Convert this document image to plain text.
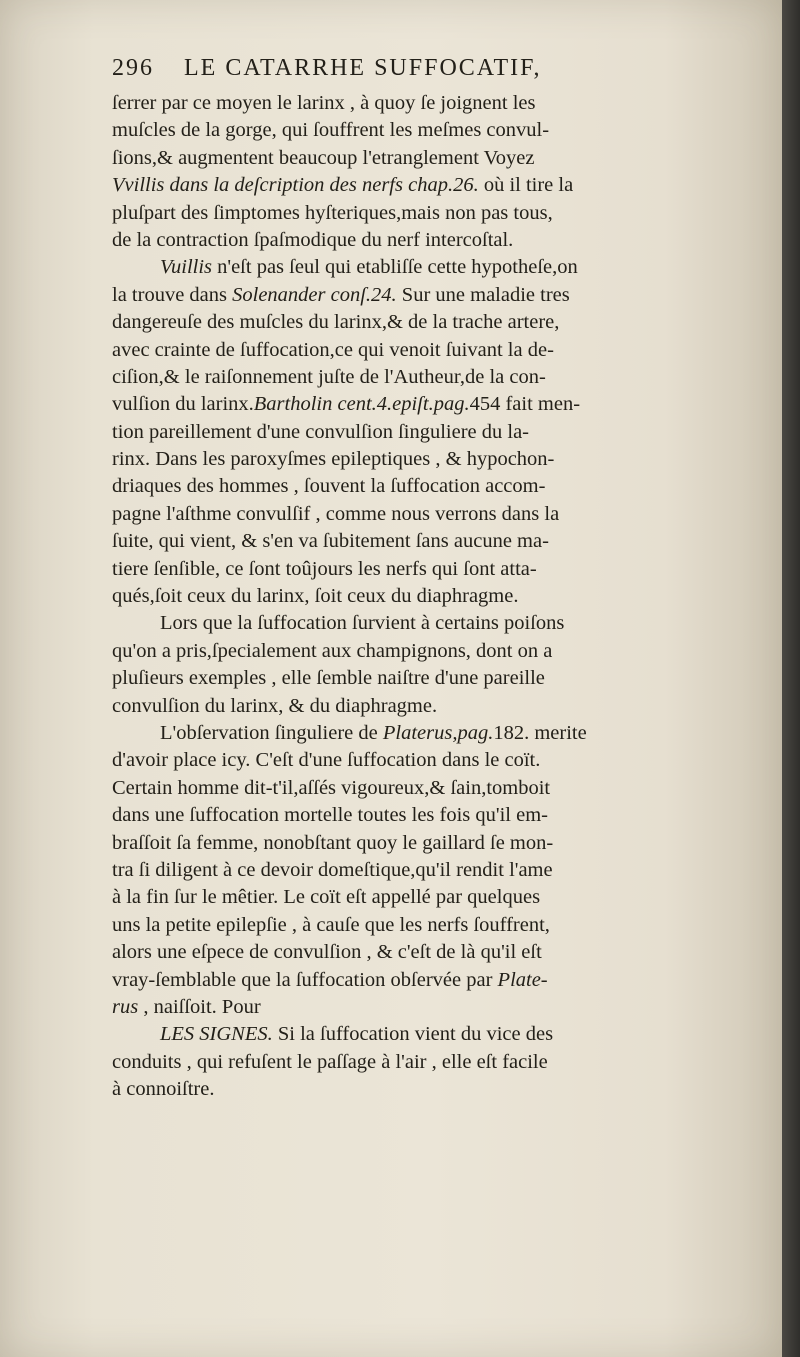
296 LE CATARRHE SUFFOCATIF,
ſerrer par ce moyen le larinx , à quoy ſe joignent les
muſcles de la gorge, qui ſouffrent les meſmes convul-
ſions,& augmentent beaucoup l'etranglement Voyez
Vvillis dans la deſcription des nerfs chap.26. où il tire la
pluſpart des ſimptomes hyſteriques,mais non pas tous,
de la contraction ſpaſmodique du nerf intercoſtal.
Vuillis n'eſt pas ſeul qui etabliſſe cette hypotheſe,on
la trouve dans Solenander conſ.24. Sur une maladie tres
dangereuſe des muſcles du larinx,& de la trache artere,
avec crainte de ſuffocation,ce qui venoit ſuivant la de-
ciſion,& le raiſonnement juſte de l'Autheur,de la con-
vulſion du larinx.Bartholin cent.4.epiſt.pag.454 fait men-
tion pareillement d'une convulſion ſinguliere du la-
rinx. Dans les paroxyſmes epileptiques , & hypochon-
driaques des hommes , ſouvent la ſuffocation accom-
pagne l'aſthme convulſif , comme nous verrons dans la
ſuite, qui vient, & s'en va ſubitement ſans aucune ma-
tiere ſenſible, ce ſont toûjours les nerfs qui ſont atta-
qués,ſoit ceux du larinx, ſoit ceux du diaphragme.
Lors que la ſuffocation ſurvient à certains poiſons
qu'on a pris,ſpecialement aux champignons, dont on a
pluſieurs exemples , elle ſemble naiſtre d'une pareille
convulſion du larinx, & du diaphragme.
L'obſervation ſinguliere de Platerus,pag.182. merite
d'avoir place icy. C'eſt d'une ſuffocation dans le coït.
Certain homme dit-t'il,aſſés vigoureux,& ſain,tomboit
dans une ſuffocation mortelle toutes les fois qu'il em-
braſſoit ſa femme, nonobſtant quoy le gaillard ſe mon-
tra ſi diligent à ce devoir domeſtique,qu'il rendit l'ame
à la fin ſur le mêtier. Le coït eſt appellé par quelques
uns la petite epilepſie , à cauſe que les nerfs ſouffrent,
alors une eſpece de convulſion , & c'eſt de là qu'il eſt
vray-ſemblable que la ſuffocation obſervée par Plate-
rus , naiſſoit. Pour
LES SIGNES. Si la ſuffocation vient du vice des
conduits , qui refuſent le paſſage à l'air , elle eſt facile
à connoiſtre.
